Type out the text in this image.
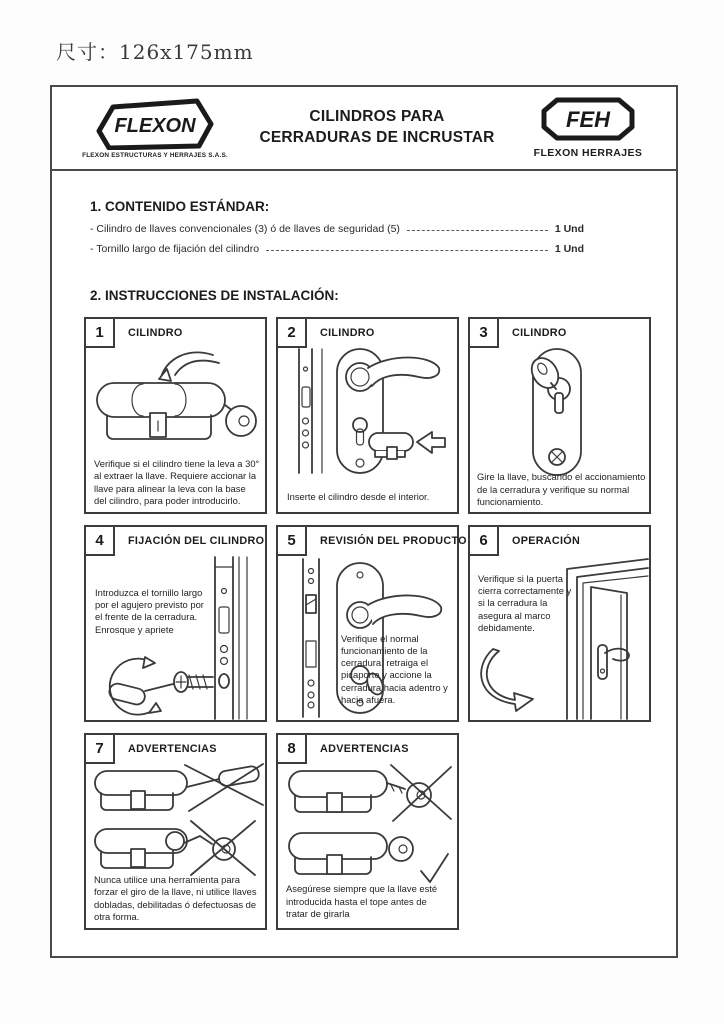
尺寸：126x175mm
FLEXON
FLEXON ESTRUCTURAS Y HERRAJES S.A.S.
CILINDROS PARA
CERRADURAS DE INCRUSTAR
FEH
FLEXON HERRAJES
1. CONTENIDO ESTÁNDAR:
- Cilindro de llaves convencionales (3) ó de llaves de seguridad (5)	1 Und
- Tornillo largo de fijación del cilindro	1 Und
2. INSTRUCCIONES DE INSTALACIÓN:
1	CILINDRO
Verifique si el cilindro tiene la leva a 30° al extraer la llave. Requiere accionar la llave para alinear la leva con la base del cilindro, para poder introducirlo.
2	CILINDRO
Inserte el cilindro desde el interior.
3	CILINDRO
Gire la llave, buscando el accionamiento de la cerradura y verifique su normal funcionamiento.
4	FIJACIÓN DEL CILINDRO
Introduzca el tornillo largo por el agujero previsto por el frente de la cerradura. Enrosque y apriete
5	REVISIÓN DEL PRODUCTO
Verifique el normal funcionamiento de la cerradura: retraiga el picaporte y accione la cerradura hacia adentro y hacia afuera.
6	OPERACIÓN
Verifique si la puerta cierra correctamente y si la cerradura la asegura al marco debidamente.
7	ADVERTENCIAS
Nunca utilice una herramienta para forzar el giro de la llave, ni utilice llaves dobladas, debilitadas ó defectuosas de otra forma.
8	ADVERTENCIAS
Asegúrese siempre que la llave esté introducida hasta el tope antes de tratar de girarla
